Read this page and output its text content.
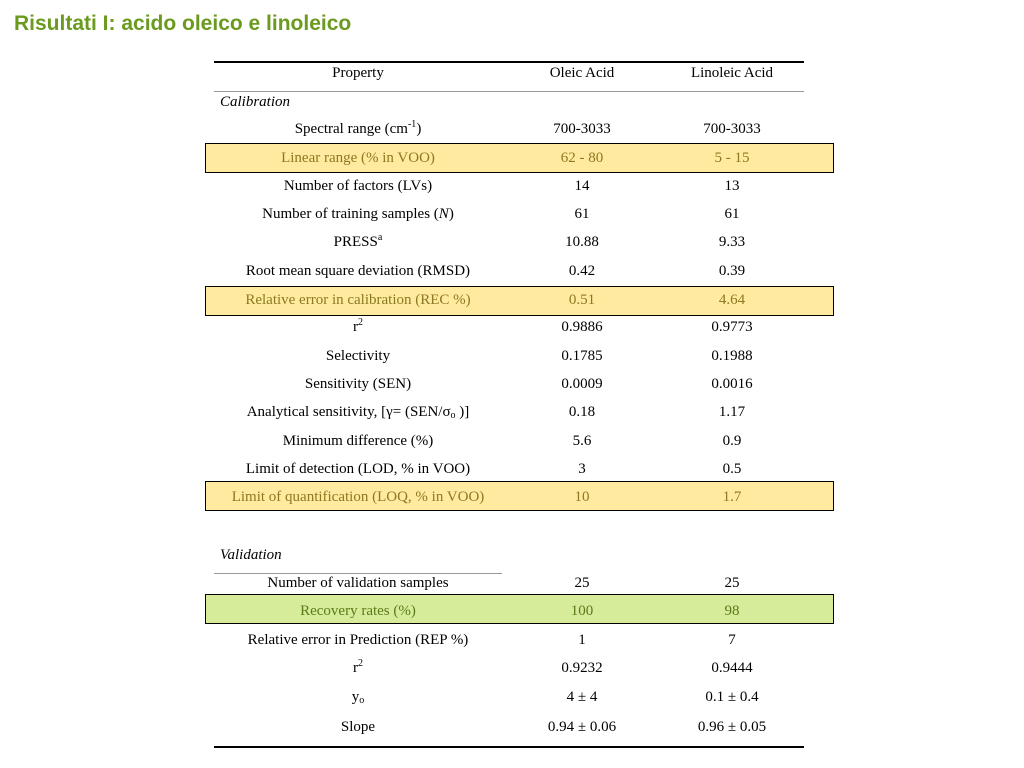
Risultati I: acido oleico e linoleico
Property	Oleic Acid	Linoleic Acid
Calibration
Spectral range $(cm^{-1})$	700-3033	700-3033
Linear range (% in VOO)	62 - 80	5 - 15
Number of factors (LVs)	14	13
Number of training samples (N)	61	61
PRESS$^a$	10.88	9.33
Root mean square deviation (RMSD)	0.42	0.39
Relative error in calibration (REC %)	0.51	4.64
$r^2$	0.9886	0.9773
Selectivity	0.1785	0.1988
Sensitivity (SEN)	0.0009	0.0016
Analytical sensitivity, [$\gamma= (SEN/\sigma_o$ )]	0.18	1.17
Minimum difference (%)	5.6	0.9
Limit of detection (LOD, % in VOO)	3	0.5
Limit of quantification (LOQ, % in VOO)	10	1.7
Validation
Number of validation samples	25	25
Recovery rates (%)	100	98
Relative error in Prediction (REP %)	1	7
$r^2$	0.9232	0.9444
$y_o$	4 ± 4	0.1 ± 0.4
Slope	0.94 ± 0.06	0.96 ± 0.05
